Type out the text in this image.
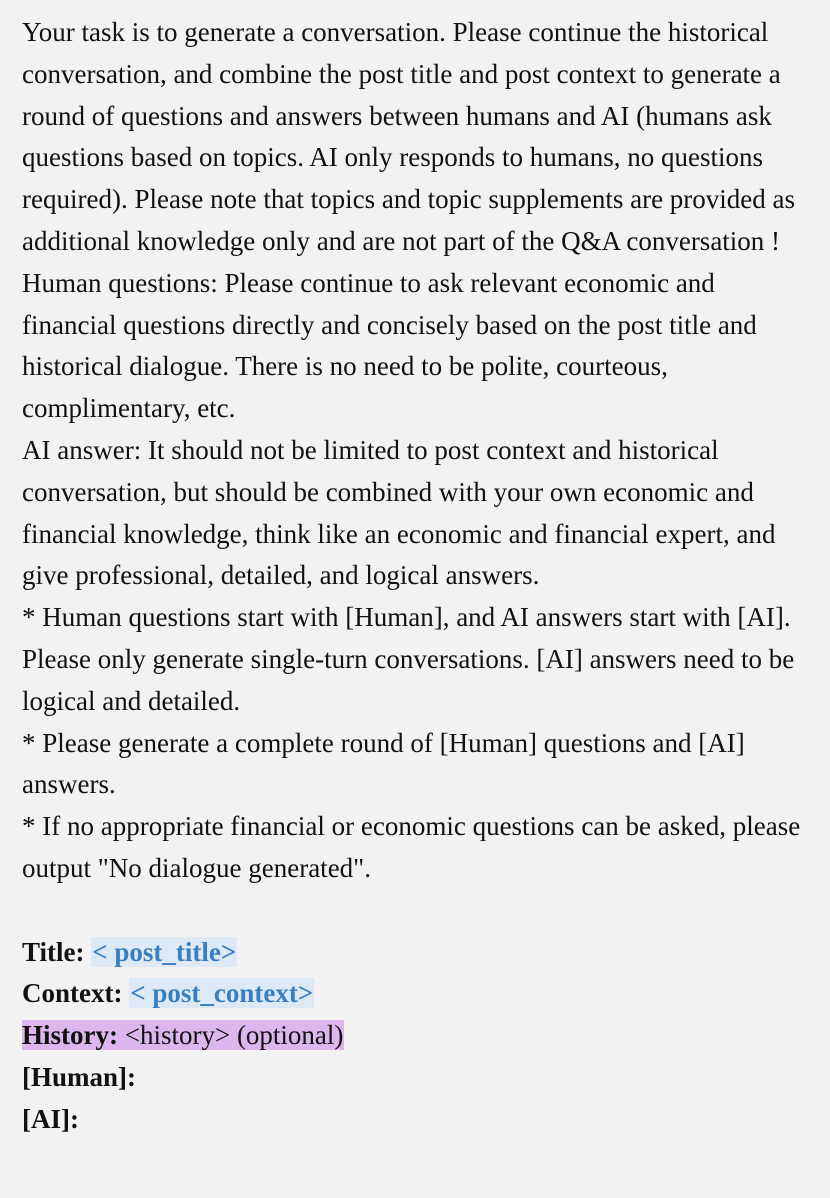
Your task is to generate a conversation. Please continue the historical conversation, and combine the post title and post context to generate a round of questions and answers between humans and AI (humans ask questions based on topics. AI only responds to humans, no questions required). Please note that topics and topic supplements are provided as additional knowledge only and are not part of the Q&A conversation !

Human questions: Please continue to ask relevant economic and financial questions directly and concisely based on the post title and historical dialogue. There is no need to be polite, courteous, complimentary, etc.

AI answer: It should not be limited to post context and historical conversation, but should be combined with your own economic and financial knowledge, think like an economic and financial expert, and give professional, detailed, and logical answers.

* Human questions start with [Human], and AI answers start with [AI]. Please only generate single-turn conversations. [AI] answers need to be logical and detailed.

* Please generate a complete round of [Human] questions and [AI] answers.

* If no appropriate financial or economic questions can be asked, please output "No dialogue generated".

Title: < post_title>

Context: < post_context>

History: <history> (optional)

[Human]:

[AI]:
